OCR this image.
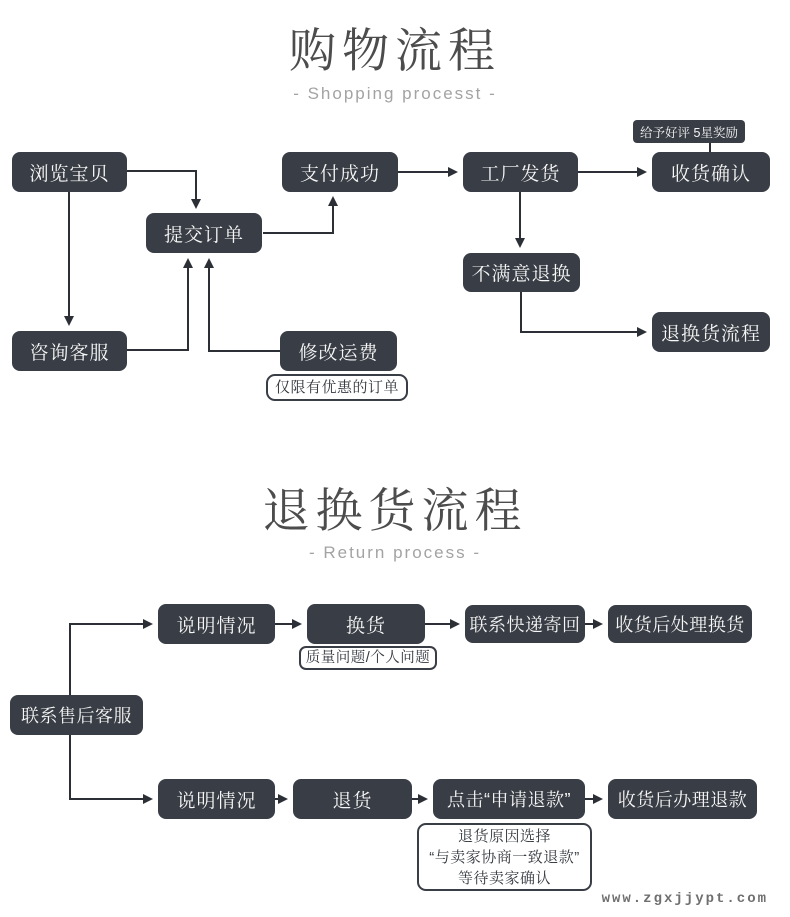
购物流程
- Shopping processt -
浏览宝贝
提交订单
支付成功	工厂发货	收货确认
给予好评 5星奖励
咨询客服	修改运费
仅限有优惠的订单
不满意退换
退换货流程
退换货流程
- Return process -
联系售后客服
说明情况	换货
质量问题/个人问题
联系快递寄回	收货后处理换货
说明情况	退货	点击“申请退款”	收货后办理退款
退货原因选择
“与卖家协商一致退款”
等待卖家确认
www.zgxjjypt.com
